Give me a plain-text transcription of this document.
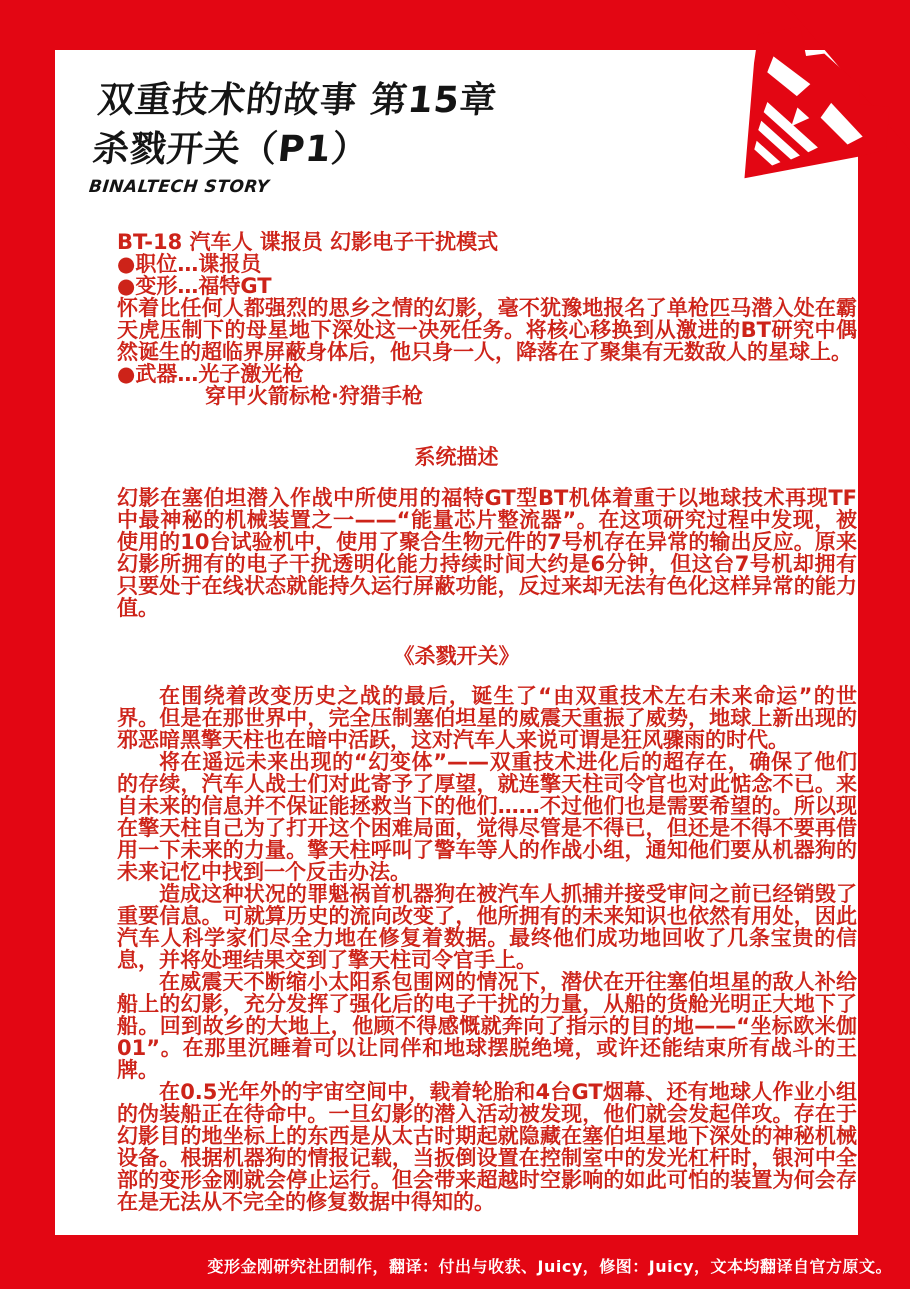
双重技术的故事 第15章
杀戮开关（P1）
BINALTECH STORY

BT-18 汽车人 谍报员 幻影电子干扰模式

●职位…谍报员

●变形…福特GT

怀着比任何人都强烈的思乡之情的幻影，毫不犹豫地报名了单枪匹马潜入处在霸天虎压制下的母星地下深处这一决死任务。将核心移换到从激进的BT研究中偶然诞生的超临界屏蔽身体后，他只身一人，降落在了聚集有无数敌人的星球上。

●武器…光子激光枪

穿甲火箭标枪·狩猎手枪

系统描述
幻影在塞伯坦潜入作战中所使用的福特GT型BT机体着重于以地球技术再现TF中最神秘的机械装置之一——“能量芯片整流器”。在这项研究过程中发现，被使用的10台试验机中，使用了聚合生物元件的7号机存在异常的输出反应。原来幻影所拥有的电子干扰透明化能力持续时间大约是6分钟，但这台7号机却拥有只要处于在线状态就能持久运行屏蔽功能，反过来却无法有色化这样异常的能力值。
《杀戮开关》

在围绕着改变历史之战的最后，诞生了“由双重技术左右未来命运”的世界。但是在那世界中，完全压制塞伯坦星的威震天重振了威势，地球上新出现的邪恶暗黑擎天柱也在暗中活跃，这对汽车人来说可谓是狂风骤雨的时代。

将在遥远未来出现的“幻变体”——双重技术进化后的超存在，确保了他们的存续，汽车人战士们对此寄予了厚望，就连擎天柱司令官也对此惦念不已。来自未来的信息并不保证能拯救当下的他们……不过他们也是需要希望的。所以现在擎天柱自己为了打开这个困难局面，觉得尽管是不得已，但还是不得不要再借用一下未来的力量。擎天柱呼叫了警车等人的作战小组，通知他们要从机器狗的未来记忆中找到一个反击办法。

造成这种状况的罪魁祸首机器狗在被汽车人抓捕并接受审问之前已经销毁了重要信息。可就算历史的流向改变了，他所拥有的未来知识也依然有用处，因此汽车人科学家们尽全力地在修复着数据。最终他们成功地回收了几条宝贵的信息，并将处理结果交到了擎天柱司令官手上。

在威震天不断缩小太阳系包围网的情况下，潜伏在开往塞伯坦星的敌人补给船上的幻影，充分发挥了强化后的电子干扰的力量，从船的货舱光明正大地下了船。回到故乡的大地上，他顾不得感慨就奔向了指示的目的地——“坐标欧米伽01”。在那里沉睡着可以让同伴和地球摆脱绝境，或许还能结束所有战斗的王牌。

在0.5光年外的宇宙空间中，载着轮胎和4台GT烟幕、还有地球人作业小组的伪装船正在待命中。一旦幻影的潜入活动被发现，他们就会发起佯攻。存在于幻影目的地坐标上的东西是从太古时期起就隐藏在塞伯坦星地下深处的神秘机械设备。根据机器狗的情报记载，当扳倒设置在控制室中的发光杠杆时，银河中全部的变形金刚就会停止运行。但会带来超越时空影响的如此可怕的装置为何会存在是无法从不完全的修复数据中得知的。

变形金刚研究社团制作，翻译：付出与收获、Juicy，修图：Juicy，文本均翻译自官方原文。
